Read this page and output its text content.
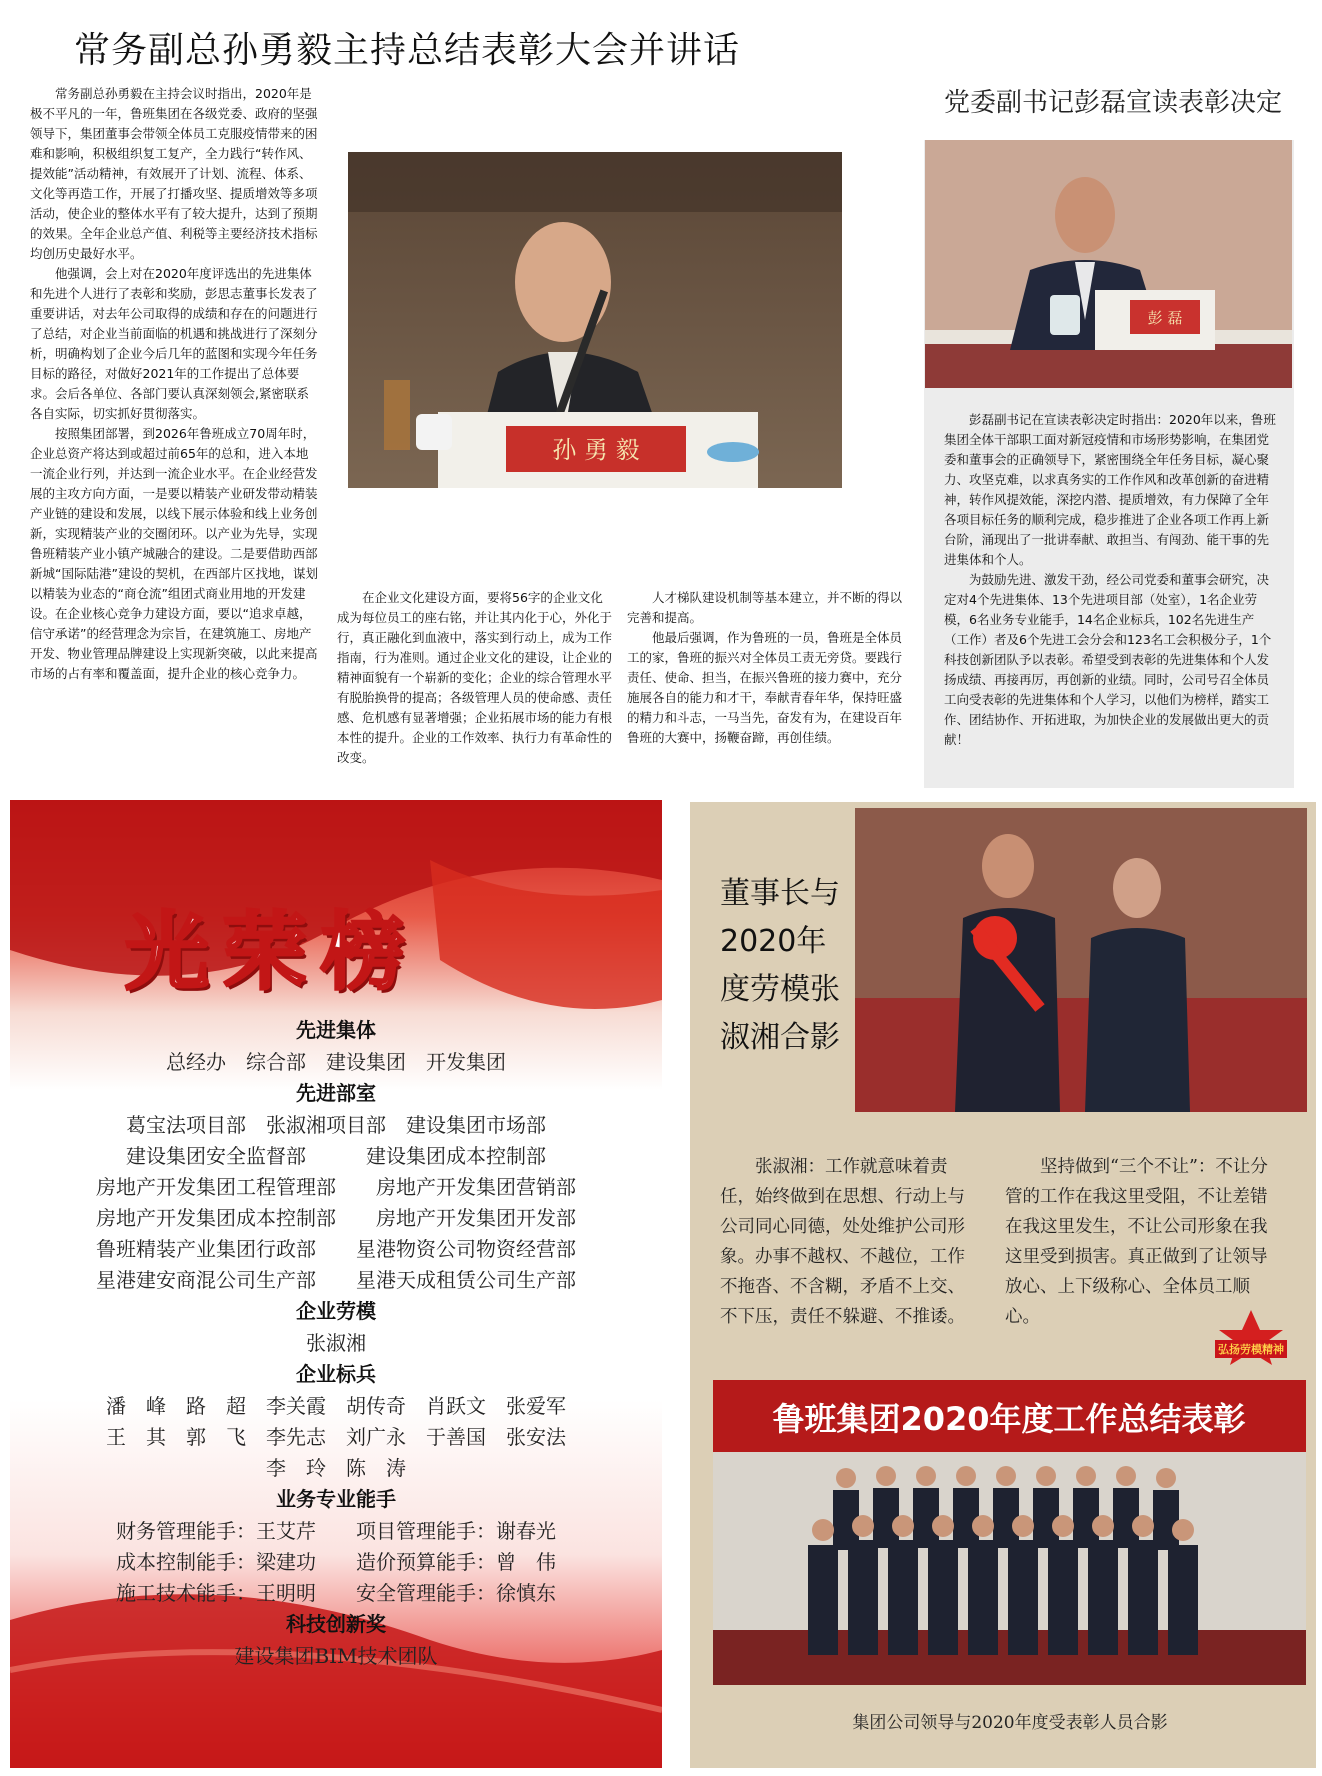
常务副总孙勇毅主持总结表彰大会并讲话

常务副总孙勇毅在主持会议时指出，2020年是极不平凡的一年，鲁班集团在各级党委、政府的坚强领导下，集团董事会带领全体员工克服疫情带来的困难和影响，积极组织复工复产，全力践行“转作风、提效能”活动精神，有效展开了计划、流程、体系、文化等再造工作，开展了打播攻坚、提质增效等多项活动，使企业的整体水平有了较大提升，达到了预期的效果。全年企业总产值、利税等主要经济技术指标均创历史最好水平。

他强调，会上对在2020年度评选出的先进集体和先进个人进行了表彰和奖励，彭思志董事长发表了重要讲话，对去年公司取得的成绩和存在的问题进行了总结，对企业当前面临的机遇和挑战进行了深刻分析，明确构划了企业今后几年的蓝图和实现今年任务目标的路径，对做好2021年的工作提出了总体要求。会后各单位、各部门要认真深刻领会,紧密联系各自实际，切实抓好贯彻落实。

按照集团部署，到2026年鲁班成立70周年时，企业总资产将达到或超过前65年的总和，进入本地一流企业行列，并达到一流企业水平。在企业经营发展的主攻方向方面，一是要以精装产业研发带动精装产业链的建设和发展，以线下展示体验和线上业务创新，实现精装产业的交圈闭环。以产业为先导，实现鲁班精装产业小镇产城融合的建设。二是要借助西部新城“国际陆港”建设的契机，在西部片区找地，谋划以精装为业态的“商仓流”组团式商业用地的开发建设。在企业核心竞争力建设方面，要以“追求卓越，信守承诺”的经营理念为宗旨，在建筑施工、房地产开发、物业管理品牌建设上实现新突破，以此来提高市场的占有率和覆盖面，提升企业的核心竞争力。

孙 勇 毅

在企业文化建设方面，要将56字的企业文化成为每位员工的座右铭，并让其内化于心，外化于行，真正融化到血液中，落实到行动上，成为工作指南，行为准则。通过企业文化的建设，让企业的精神面貌有一个崭新的变化；企业的综合管理水平有脱胎换骨的提高；各级管理人员的使命感、责任感、危机感有显著增强；企业拓展市场的能力有根本性的提升。企业的工作效率、执行力有革命性的改变。

人才梯队建设机制等基本建立，并不断的得以完善和提高。

他最后强调，作为鲁班的一员，鲁班是全体员工的家，鲁班的振兴对全体员工责无旁贷。要践行责任、使命、担当，在振兴鲁班的接力赛中，充分施展各自的能力和才干，奉献青春年华，保持旺盛的精力和斗志，一马当先，奋发有为，在建设百年鲁班的大赛中，扬鞭奋蹄，再创佳绩。

党委副书记彭磊宣读表彰决定
彭 磊

彭磊副书记在宣读表彰决定时指出：2020年以来，鲁班集团全体干部职工面对新冠疫情和市场形势影响，在集团党委和董事会的正确领导下，紧密围绕全年任务目标，凝心聚力、攻坚克难，以求真务实的工作作风和改革创新的奋进精神，转作风提效能，深挖内潜、提质增效，有力保障了全年各项目标任务的顺利完成，稳步推进了企业各项工作再上新台阶，涌现出了一批讲奉献、敢担当、有闯劲、能干事的先进集体和个人。

为鼓励先进、激发干劲，经公司党委和董事会研究，决定对4个先进集体、13个先进项目部（处室），1名企业劳模，6名业务专业能手，14名企业标兵，102名先进生产（工作）者及6个先进工会分会和123名工会积极分子，1个科技创新团队予以表彰。希望受到表彰的先进集体和个人发扬成绩、再接再厉，再创新的业绩。同时，公司号召全体员工向受表彰的先进集体和个人学习，以他们为榜样，踏实工作、团结协作、开拓进取，为加快企业的发展做出更大的贡献！

光荣榜
先进集体
总经办　综合部　建设集团　开发集团
先进部室
葛宝法项目部　张淑湘项目部　建设集团市场部
建设集团安全监督部　　　建设集团成本控制部
房地产开发集团工程管理部　　房地产开发集团营销部
房地产开发集团成本控制部　　房地产开发集团开发部
鲁班精装产业集团行政部　　星港物资公司物资经营部
星港建安商混公司生产部　　星港天成租赁公司生产部
企业劳模
张淑湘
企业标兵
潘　峰　路　超　李关霞　胡传奇　肖跃文　张爱军
王　其　郭　飞　李先志　刘广永　于善国　张安法
李　玲　陈　涛
业务专业能手
财务管理能手：王艾芹　　项目管理能手：谢春光
成本控制能手：梁建功　　造价预算能手：曾　伟
施工技术能手：王明明　　安全管理能手：徐慎东
科技创新奖
建设集团BIM技术团队
董事长与2020年度劳模张淑湘合影

张淑湘：工作就意味着责任，始终做到在思想、行动上与公司同心同德，处处维护公司形象。办事不越权、不越位，工作不拖沓、不含糊，矛盾不上交、不下压，责任不躲避、不推诿。

坚持做到“三个不让”：不让分管的工作在我这里受阻，不让差错在我这里发生，不让公司形象在我这里受到损害。真正做到了让领导放心、上下级称心、全体员工顺心。

弘扬劳模精神
鲁班集团2020年度工作总结表彰
集团公司领导与2020年度受表彰人员合影
